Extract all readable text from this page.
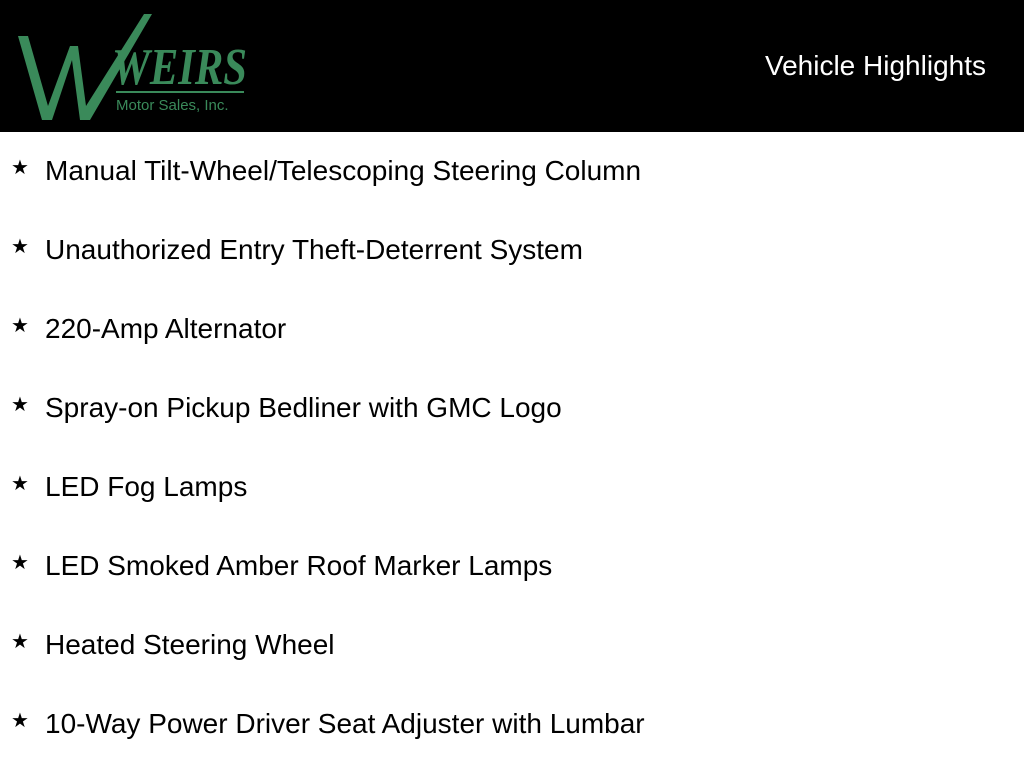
WEIRS
Motor Sales, Inc.
Vehicle Highlights
★ Manual Tilt-Wheel/Telescoping Steering Column
★ Unauthorized Entry Theft-Deterrent System
★ 220-Amp Alternator
★ Spray-on Pickup Bedliner with GMC Logo
★ LED Fog Lamps
★ LED Smoked Amber Roof Marker Lamps
★ Heated Steering Wheel
★ 10-Way Power Driver Seat Adjuster with Lumbar
